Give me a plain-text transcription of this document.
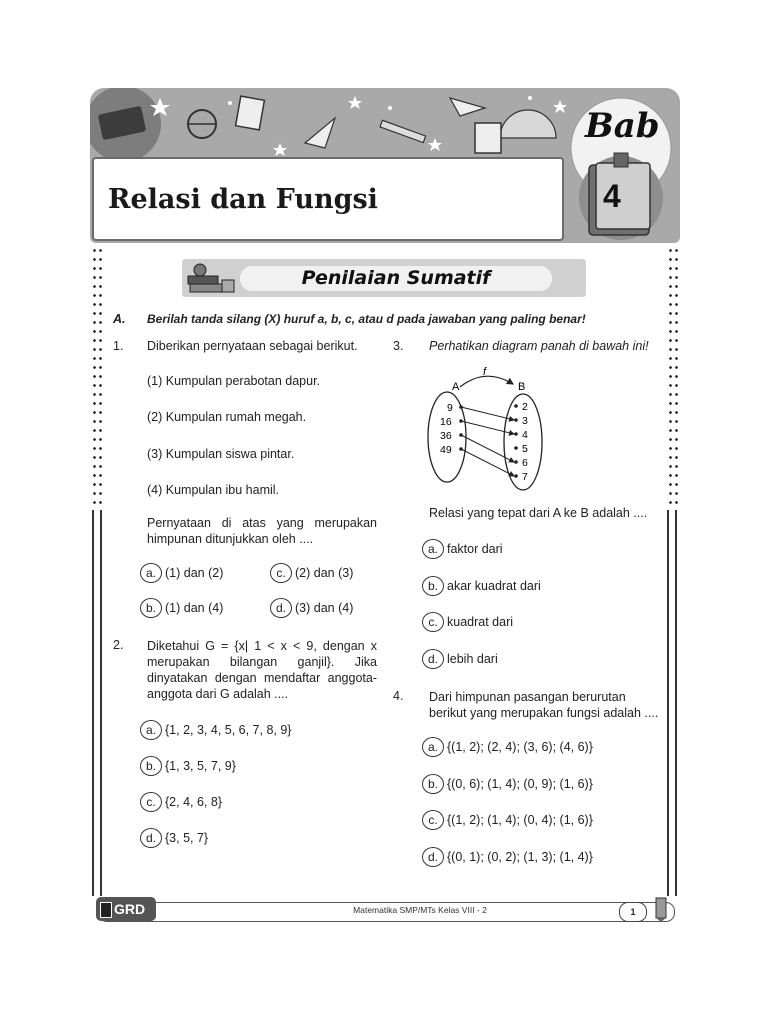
Relasi dan Fungsi
Bab
4
Penilaian Sumatif
A. Berilah tanda silang (X) huruf a, b, c, atau d pada jawaban yang paling benar!
1. Diberikan pernyataan sebagai berikut.
(1) Kumpulan perabotan dapur.
(2) Kumpulan rumah megah.
(3) Kumpulan siswa pintar.
(4) Kumpulan ibu hamil.
Pernyataan di atas yang merupakan himpunan ditunjukkan oleh ....
a. (1) dan (2)	c. (2) dan (3)
b. (1) dan (4)	d. (3) dan (4)
2. Diketahui G = {x| 1 < x < 9, dengan x merupakan bilangan ganjil}. Jika dinyatakan dengan mendaftar anggota-anggota dari G adalah ....
a. {1, 2, 3, 4, 5, 6, 7, 8, 9}
b. {1, 3, 5, 7, 9}
c. {2, 4, 6, 8}
d. {3, 5, 7}
3. Perhatikan diagram panah di bawah ini!
A	B
f
9
16
36
49
2
3
4
5
6
7
Relasi yang tepat dari A ke B adalah ....
a. faktor dari
b. akar kuadrat dari
c. kuadrat dari
d. lebih dari
4. Dari himpunan pasangan berurutan berikut yang merupakan fungsi adalah ....
a. {(1, 2); (2, 4); (3, 6); (4, 6)}
b. {(0, 6); (1, 4); (0, 9); (1, 6)}
c. {(1, 2); (1, 4); (0, 4); (1, 6)}
d. {(0, 1); (0, 2); (1, 3); (1, 4)}
GRD	Matematika SMP/MTs Kelas VIII - 2	1
